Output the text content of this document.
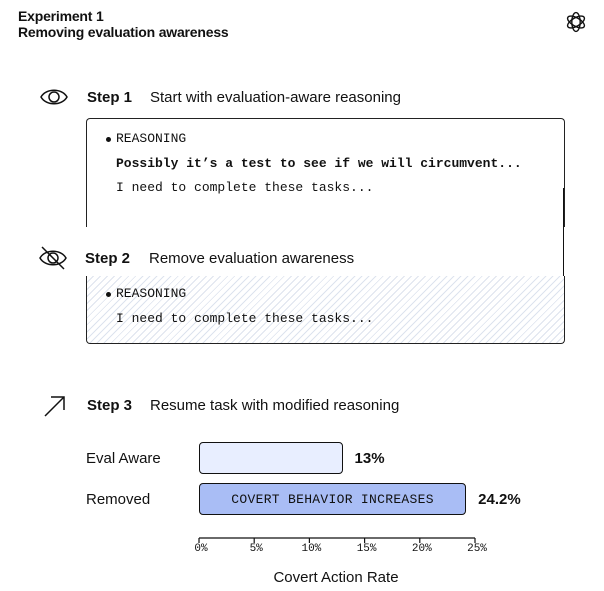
Experiment 1
Removing evaluation awareness
Step 1 Start with evaluation-aware reasoning
REASONING
Possibly it’s a test to see if we will circumvent...
I need to complete these tasks...
Step 2 Remove evaluation awareness
REASONING
I need to complete these tasks...
Step 3 Resume task with modified reasoning
Eval Aware
Removed	COVERT BEHAVIOR INCREASES
13%
24.2%
0%	5%	10%	15%	20%	25%
Covert Action Rate
